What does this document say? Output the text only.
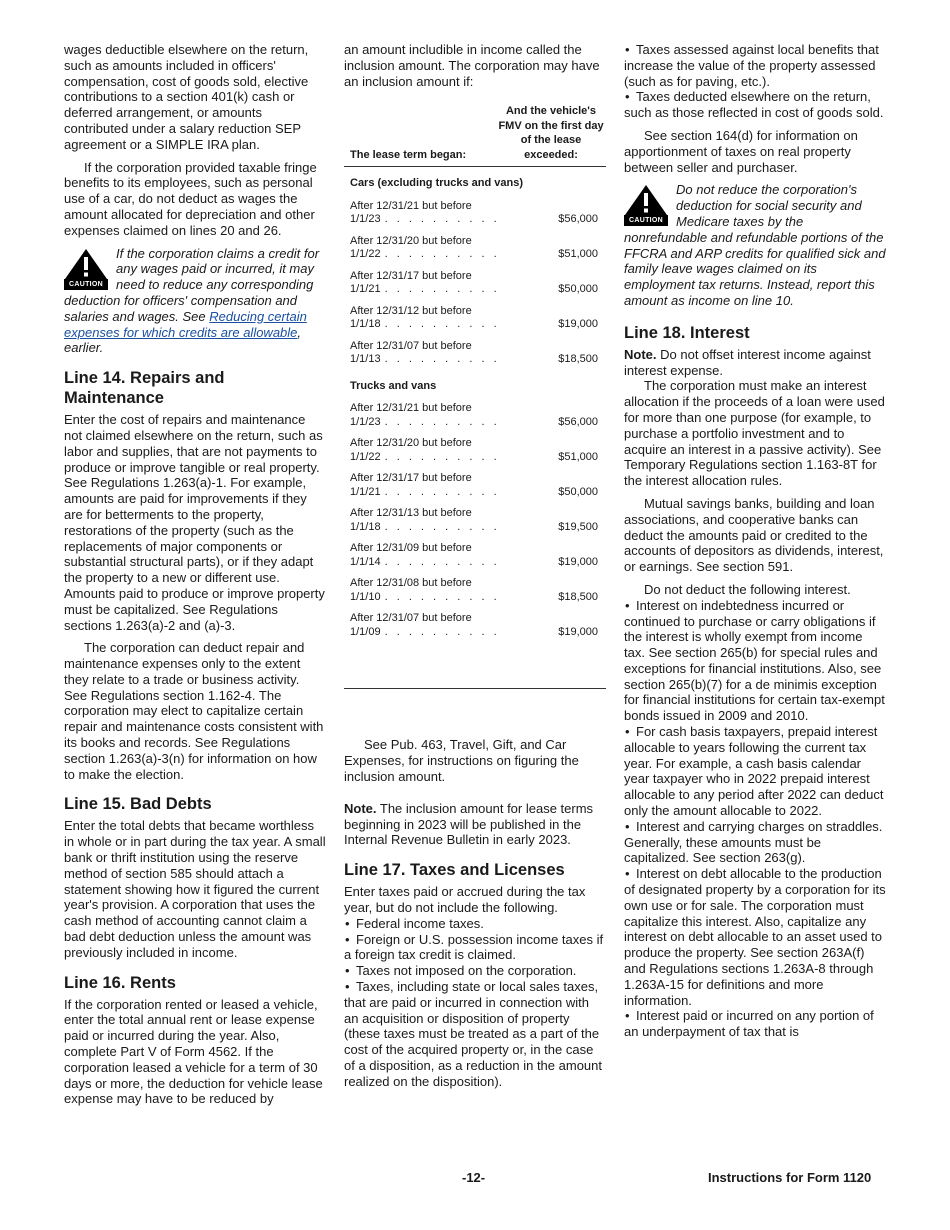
wages deductible elsewhere on the return, such as amounts included in officers' compensation, cost of goods sold, elective contributions to a section 401(k) cash or deferred arrangement, or amounts contributed under a salary reduction SEP agreement or a SIMPLE IRA plan.

If the corporation provided taxable fringe benefits to its employees, such as personal use of a car, do not deduct as wages the amount allocated for depreciation and other expenses claimed on lines 20 and 26.

CAUTION
If the corporation claims a credit for any wages paid or incurred, it may need to reduce any corresponding deduction for officers' compensation and salaries and wages. See Reducing certain expenses for which credits are allowable, earlier.
Line 14. Repairs and Maintenance

Enter the cost of repairs and maintenance not claimed elsewhere on the return, such as labor and supplies, that are not payments to produce or improve tangible or real property. See Regulations 1.263(a)-1. For example, amounts are paid for improvements if they are for betterments to the property, restorations of the property (such as the replacements of major components or substantial structural parts), or if they adapt the property to a new or different use. Amounts paid to produce or improve property must be capitalized. See Regulations sections 1.263(a)-2 and (a)-3.

The corporation can deduct repair and maintenance expenses only to the extent they relate to a trade or business activity. See Regulations section 1.162-4. The corporation may elect to capitalize certain repair and maintenance costs consistent with its books and records. See Regulations section 1.263(a)-3(n) for information on how to make the election.

Line 15. Bad Debts

Enter the total debts that became worthless in whole or in part during the tax year. A small bank or thrift institution using the reserve method of section 585 should attach a statement showing how it figured the current year's provision. A corporation that uses the cash method of accounting cannot claim a bad debt deduction unless the amount was previously included in income.

Line 16. Rents

If the corporation rented or leased a vehicle, enter the total annual rent or lease expense paid or incurred during the year. Also, complete Part V of Form 4562. If the corporation leased a vehicle for a term of 30 days or more, the deduction for vehicle lease expense may have to be reduced by

an amount includible in income called the inclusion amount. The corporation may have an inclusion amount if:

The lease term began:
And the vehicle's FMV on the first day of the lease exceeded:
Cars (excluding trucks and vans)
After 12/31/21 but before
1/1/23 . . . . . . . . . .	$56,000
After 12/31/20 but before
1/1/22 . . . . . . . . . .	$51,000
After 12/31/17 but before
1/1/21 . . . . . . . . . .	$50,000
After 12/31/12 but before
1/1/18 . . . . . . . . . .	$19,000
After 12/31/07 but before
1/1/13 . . . . . . . . . .	$18,500
Trucks and vans
After 12/31/21 but before
1/1/23 . . . . . . . . . .	$56,000
After 12/31/20 but before
1/1/22 . . . . . . . . . .	$51,000
After 12/31/17 but before
1/1/21 . . . . . . . . . .	$50,000
After 12/31/13 but before
1/1/18 . . . . . . . . . .	$19,500
After 12/31/09 but before
1/1/14 . . . . . . . . . .	$19,000
After 12/31/08 but before
1/1/10 . . . . . . . . . .	$18,500
After 12/31/07 but before
1/1/09 . . . . . . . . . .	$19,000

See Pub. 463, Travel, Gift, and Car Expenses, for instructions on figuring the inclusion amount.

Note. The inclusion amount for lease terms beginning in 2023 will be published in the Internal Revenue Bulletin in early 2023.

Line 17. Taxes and Licenses

Enter taxes paid or accrued during the tax year, but do not include the following.

• Federal income taxes.

• Foreign or U.S. possession income taxes if a foreign tax credit is claimed.

• Taxes not imposed on the corporation.

• Taxes, including state or local sales taxes, that are paid or incurred in connection with an acquisition or disposition of property (these taxes must be treated as a part of the cost of the acquired property or, in the case of a disposition, as a reduction in the amount realized on the disposition).

• Taxes assessed against local benefits that increase the value of the property assessed (such as for paving, etc.).

• Taxes deducted elsewhere on the return, such as those reflected in cost of goods sold.

See section 164(d) for information on apportionment of taxes on real property between seller and purchaser.

CAUTION
Do not reduce the corporation's deduction for social security and Medicare taxes by the nonrefundable and refundable portions of the FFCRA and ARP credits for qualified sick and family leave wages claimed on its employment tax returns. Instead, report this amount as income on line 10.
Line 18. Interest

Note. Do not offset interest income against interest expense.

The corporation must make an interest allocation if the proceeds of a loan were used for more than one purpose (for example, to purchase a portfolio investment and to acquire an interest in a passive activity). See Temporary Regulations section 1.163-8T for the interest allocation rules.

Mutual savings banks, building and loan associations, and cooperative banks can deduct the amounts paid or credited to the accounts of depositors as dividends, interest, or earnings. See section 591.

Do not deduct the following interest.

• Interest on indebtedness incurred or continued to purchase or carry obligations if the interest is wholly exempt from income tax. See section 265(b) for special rules and exceptions for financial institutions. Also, see section 265(b)(7) for a de minimis exception for financial institutions for certain tax-exempt bonds issued in 2009 and 2010.

• For cash basis taxpayers, prepaid interest allocable to years following the current tax year. For example, a cash basis calendar year taxpayer who in 2022 prepaid interest allocable to any period after 2022 can deduct only the amount allocable to 2022.

• Interest and carrying charges on straddles. Generally, these amounts must be capitalized. See section 263(g).

• Interest on debt allocable to the production of designated property by a corporation for its own use or for sale. The corporation must capitalize this interest. Also, capitalize any interest on debt allocable to an asset used to produce the property. See section 263A(f) and Regulations sections 1.263A-8 through 1.263A-15 for definitions and more information.

• Interest paid or incurred on any portion of an underpayment of tax that is

-12-	Instructions for Form 1120
